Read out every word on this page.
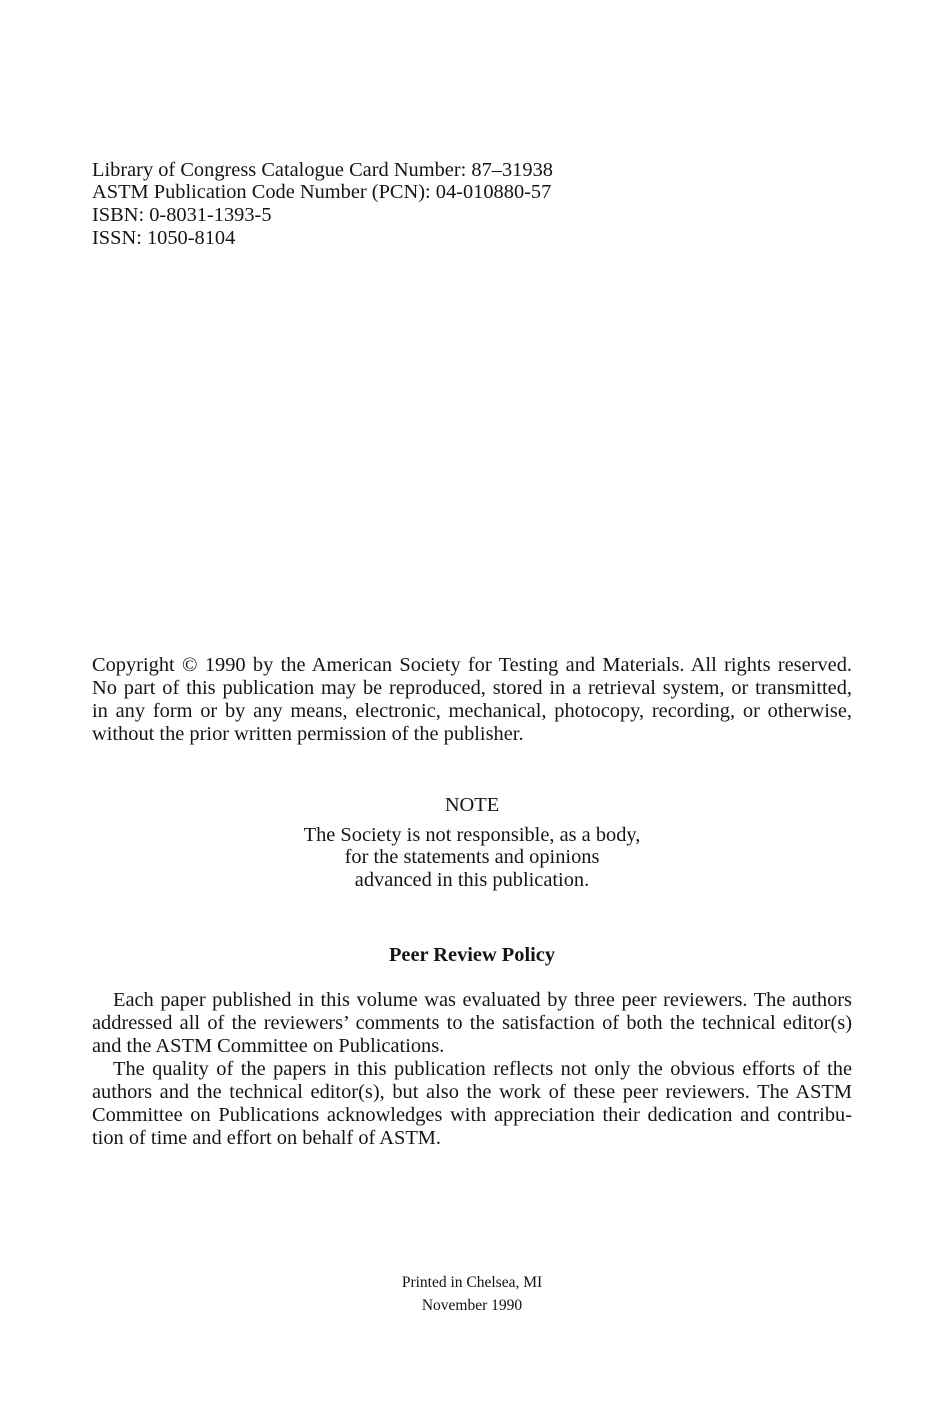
Library of Congress Catalogue Card Number: 87–31938
ASTM Publication Code Number (PCN): 04-010880-57
ISBN: 0-8031-1393-5
ISSN: 1050-8104
Copyright © 1990 by the American Society for Testing and Materials. All rights reserved.
No part of this publication may be reproduced, stored in a retrieval system, or transmitted,
in any form or by any means, electronic, mechanical, photocopy, recording, or otherwise,
without the prior written permission of the publisher.
NOTE
The Society is not responsible, as a body,
for the statements and opinions
advanced in this publication.
Peer Review Policy
Each paper published in this volume was evaluated by three peer reviewers. The authors
addressed all of the reviewers’ comments to the satisfaction of both the technical editor(s)
and the ASTM Committee on Publications.
The quality of the papers in this publication reflects not only the obvious efforts of the
authors and the technical editor(s), but also the work of these peer reviewers. The ASTM
Committee on Publications acknowledges with appreciation their dedication and contribu-
tion of time and effort on behalf of ASTM.
Printed in Chelsea, MI
November 1990
